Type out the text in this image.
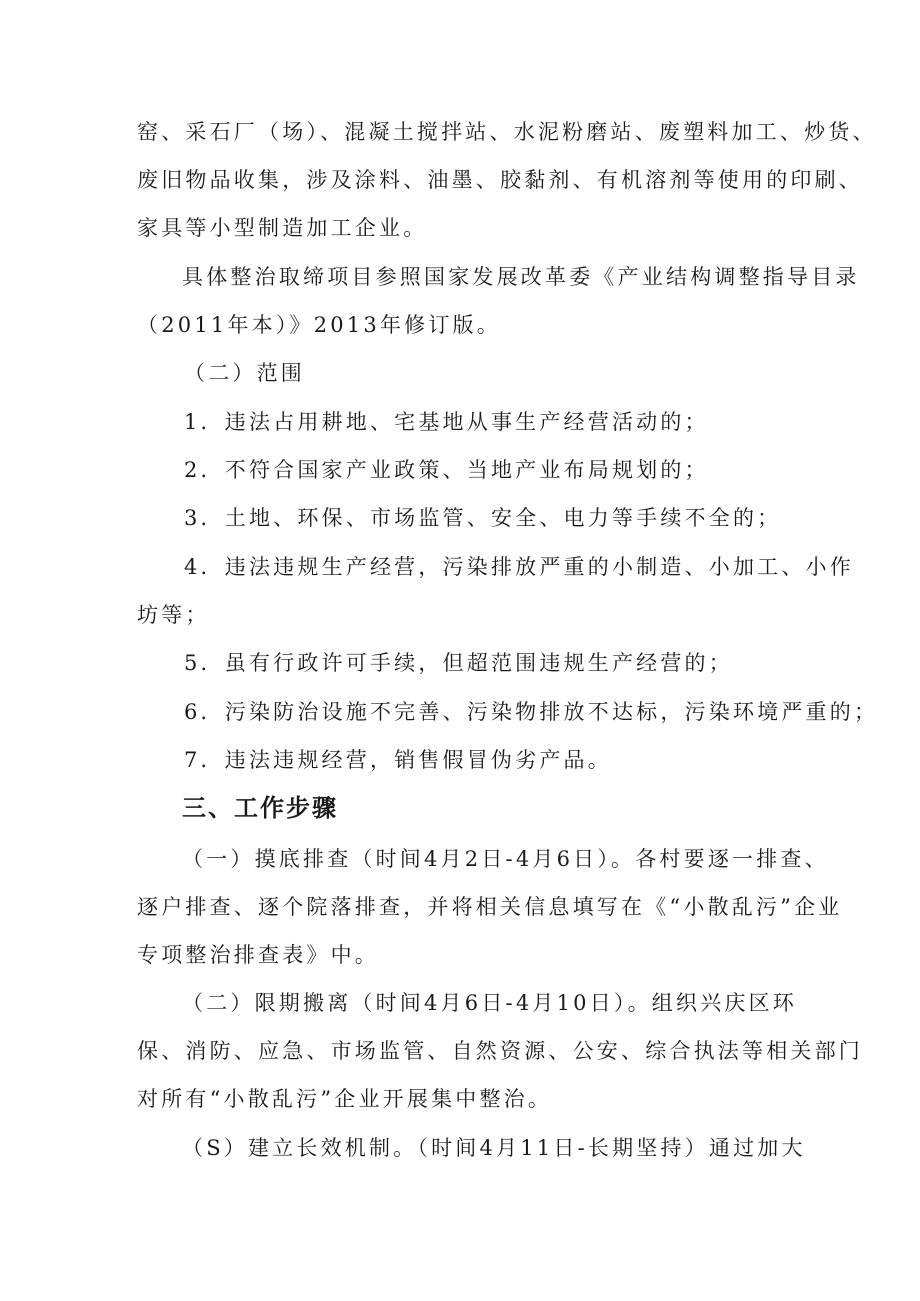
窑、采石厂（场）、混凝土搅拌站、水泥粉磨站、废塑料加工、炒货、
废旧物品收集，涉及涂料、油墨、胶黏剂、有机溶剂等使用的印刷、
家具等小型制造加工企业。
具体整治取缔项目参照国家发展改革委《产业结构调整指导目录
（2011年本）》2013年修订版。
（二）范围
1．违法占用耕地、宅基地从事生产经营活动的；
2．不符合国家产业政策、当地产业布局规划的；
3．土地、环保、市场监管、安全、电力等手续不全的；
4．违法违规生产经营，污染排放严重的小制造、小加工、小作
坊等；
5．虽有行政许可手续，但超范围违规生产经营的；
6．污染防治设施不完善、污染物排放不达标，污染环境严重的；
7．违法违规经营，销售假冒伪劣产品。
三、工作步骤
（一）摸底排查（时间4月2日-4月6日）。各村要逐一排查、
逐户排查、逐个院落排查，并将相关信息填写在《“小散乱污”企业
专项整治排查表》中。
（二）限期搬离（时间4月6日-4月10日）。组织兴庆区环
保、消防、应急、市场监管、自然资源、公安、综合执法等相关部门
对所有“小散乱污”企业开展集中整治。
（S）建立长效机制。（时间4月11日-长期坚持）通过加大
